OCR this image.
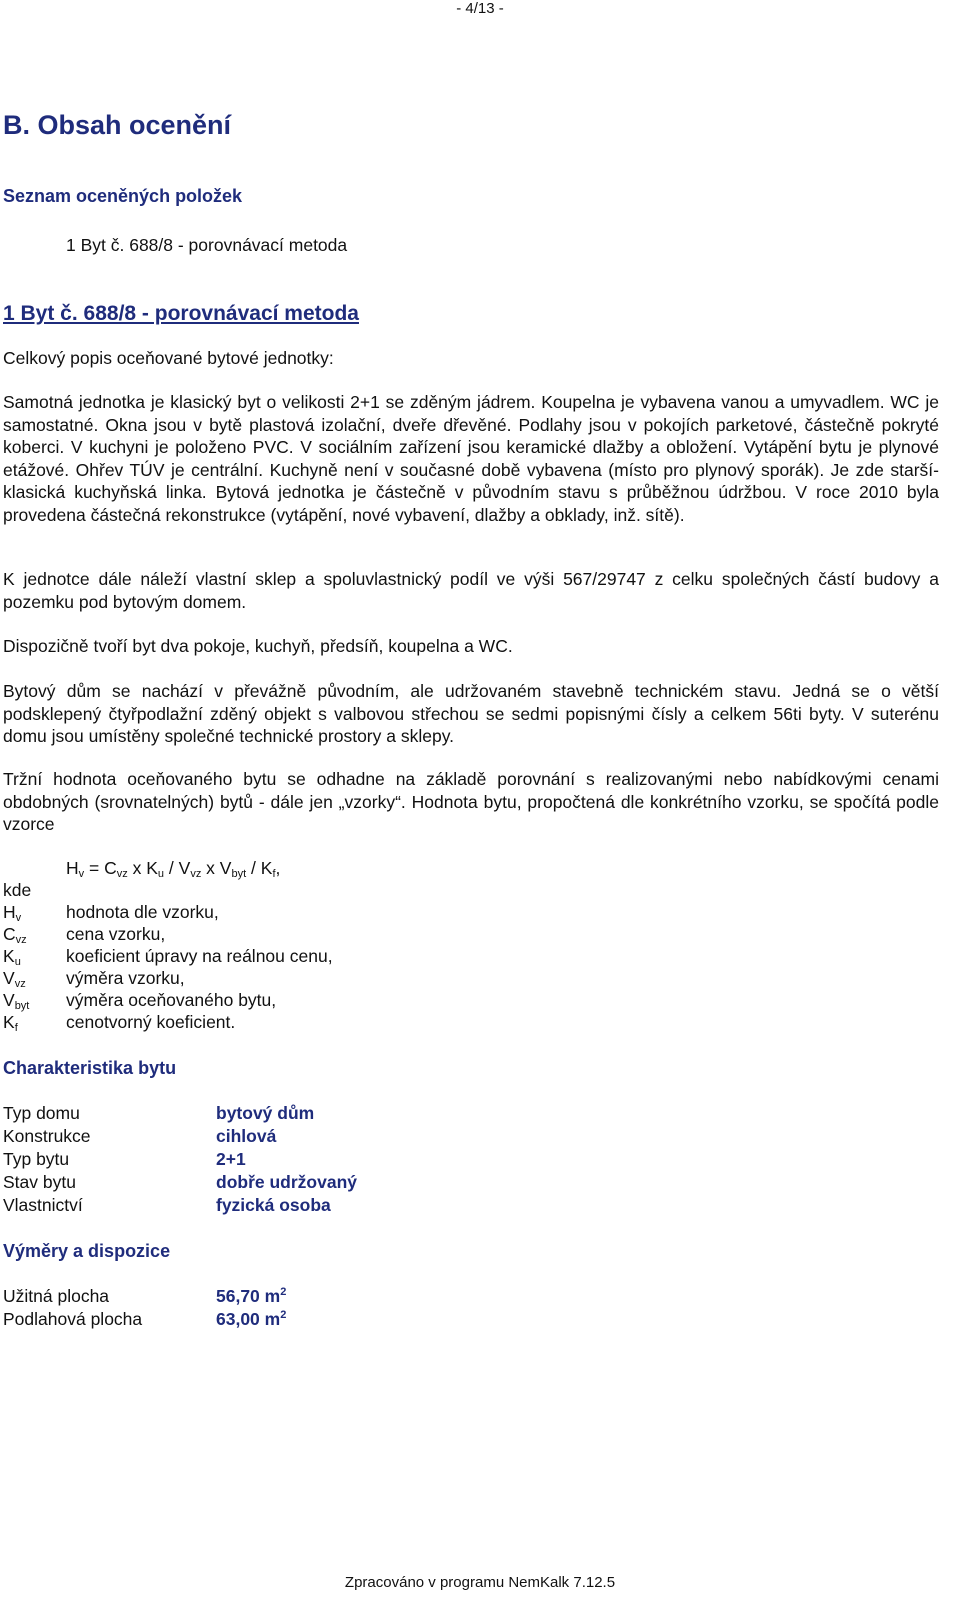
- 4/13 -
B. Obsah ocenění
Seznam oceněných položek
1 Byt č. 688/8 - porovnávací metoda
1 Byt č. 688/8 - porovnávací metoda
Celkový popis oceňované bytové jednotky:
Samotná jednotka je klasický byt o velikosti 2+1 se zděným jádrem. Koupelna je vybavena vanou a umyvadlem. WC je samostatné. Okna jsou v bytě plastová izolační, dveře dřevěné. Podlahy jsou v pokojích parketové, částečně pokryté koberci. V kuchyni je položeno PVC. V sociálním zařízení jsou keramické dlažby a obložení. Vytápění bytu je plynové etážové. Ohřev TÚV je centrální. Kuchyně není v současné době vybavena (místo pro plynový sporák). Je zde starší- klasická kuchyňská linka. Bytová jednotka je částečně v původním stavu s průběžnou údržbou. V roce 2010 byla provedena částečná rekonstrukce (vytápění, nové vybavení, dlažby a obklady, inž. sítě).
K jednotce dále náleží vlastní sklep a spoluvlastnický podíl ve výši 567/29747 z celku společných částí budovy a pozemku pod bytovým domem.
Dispozičně tvoří byt dva pokoje, kuchyň, předsíň, koupelna a WC.
Bytový dům se nachází v převážně původním, ale udržovaném stavebně technickém stavu. Jedná se o větší podsklepený čtyřpodlažní zděný objekt s valbovou střechou se sedmi popisnými čísly a celkem 56ti byty. V suterénu domu jsou umístěny společné technické prostory a sklepy.
Tržní hodnota oceňovaného bytu se odhadne na základě porovnání s realizovanými nebo nabídkovými cenami obdobných (srovnatelných) bytů - dále jen „vzorky“. Hodnota bytu, propočtená dle konkrétního vzorku, se spočítá podle vzorce
$H_v = C_{vz}$ x $K_u / V_{vz}$ x $V_{byt} / K_f$,
kde
$H_v$	hodnota dle vzorku,
$C_{vz}$ cena vzorku,
$K_u$	koeficient úpravy na reálnou cenu,
$V_{vz}$ výměra vzorku,
$V_{byt}$ výměra oceňovaného bytu,
$K_f$	cenotvorný koeficient.
Charakteristika bytu
Typ domu	bytový dům
Konstrukce	cihlová
Typ bytu	2+1
Stav bytu	dobře udržovaný
Vlastnictví	fyzická osoba
Výměry a dispozice
Užitná plocha	56,70 $m^2$
Podlahová plocha	63,00 $m^2$
Zpracováno v programu NemKalk 7.12.5
